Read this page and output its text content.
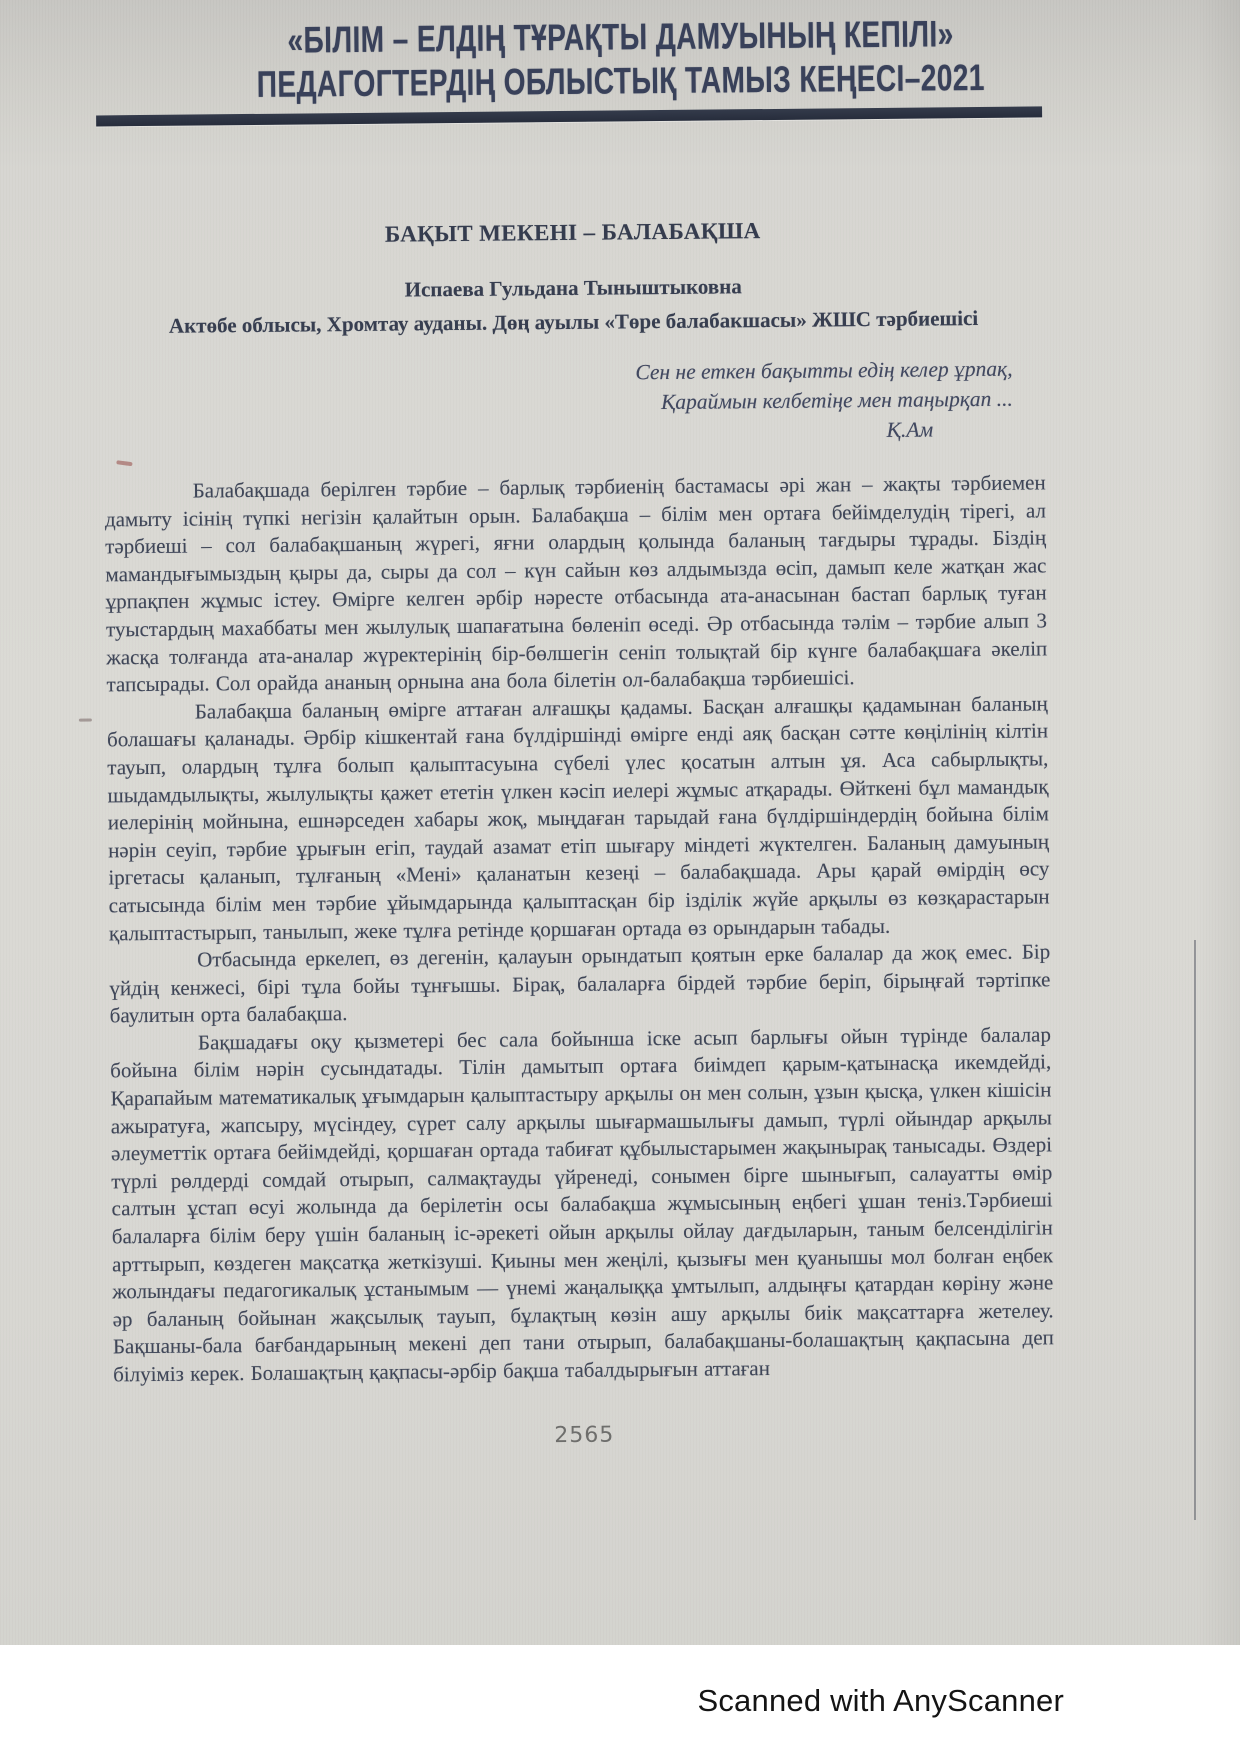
«БІЛІМ – ЕЛДІҢ ТҰРАҚТЫ ДАМУЫНЫҢ КЕПІЛІ»
ПЕДАГОГТЕРДІҢ ОБЛЫСТЫҚ ТАМЫЗ КЕҢЕСІ–2021
БАҚЫТ МЕКЕНІ – БАЛАБАҚША
Испаева Гульдана Тыныштыковна
Актөбе облысы, Хромтау ауданы. Дөң ауылы «Төре балабакшасы» ЖШС тәрбиешісі
Сен не еткен бақытты едің келер ұрпақ,
Қараймын келбетіңе мен таңырқап ...
Қ.Ам

Балабақшада берілген тәрбие – барлық тәрбиенің бастамасы әрі жан – жақты тәрбиемен дамыту ісінің түпкі негізін қалайтын орын. Балабақша – білім мен ортаға бейімделудің тірегі, ал тәрбиеші – сол балабақшаның жүрегі, яғни олардың қолында баланың тағдыры тұрады. Біздің мамандығымыздың қыры да, сыры да сол – күн сайын көз алдымызда өсіп, дамып келе жатқан жас ұрпақпен жұмыс істеу. Өмірге келген әрбір нәресте отбасында ата-анасынан бастап барлық туған туыстардың махаббаты мен жылулық шапағатына бөленіп өседі. Әр отбасында тәлім – тәрбие алып 3 жасқа толғанда ата-аналар жүректерінің бір-бөлшегін сеніп толықтай бір күнге балабақшаға әкеліп тапсырады. Сол орайда ананың орнына ана бола білетін ол-балабақша тәрбиешісі.

Балабақша баланың өмірге аттаған алғашқы қадамы. Басқан алғашқы қадамынан баланың болашағы қаланады. Әрбір кішкентай ғана бүлдіршінді өмірге енді аяқ басқан сәтте көңілінің кілтін тауып, олардың тұлға болып қалыптасуына сүбелі үлес қосатын алтын ұя. Аса сабырлықты, шыдамдылықты, жылулықты қажет ететін үлкен кәсіп иелері жұмыс атқарады. Өйткені бұл мамандық иелерінің мойнына, ешнәрседен хабары жоқ, мыңдаған тарыдай ғана бүлдіршіндердің бойына білім нәрін сеуіп, тәрбие ұрығын егіп, таудай азамат етіп шығару міндеті жүктелген. Баланың дамуының іргетасы қаланып, тұлғаның «Мені» қаланатын кезеңі – балабақшада. Ары қарай өмірдің өсу сатысында білім мен тәрбие ұйымдарында қалыптасқан бір ізділік жүйе арқылы өз көзқарастарын қалыптастырып, танылып, жеке тұлға ретінде қоршаған ортада өз орындарын табады.

Отбасында еркелеп, өз дегенін, қалауын орындатып қоятын ерке балалар да жоқ емес. Бір үйдің кенжесі, бірі тұла бойы тұнғышы. Бірақ, балаларға бірдей тәрбие беріп, бірыңғай тәртіпке баулитын орта балабақша.

Бақшадағы оқу қызметері бес сала бойынша іске асып барлығы ойын түрінде балалар бойына білім нәрін сусындатады. Тілін дамытып ортаға биімдеп қарым-қатынасқа икемдейді, Қарапайым математикалық ұғымдарын қалыптастыру арқылы он мен солын, ұзын қысқа, үлкен кішісін ажыратуға, жапсыру, мүсіндеу, сүрет салу арқылы шығармашылығы дамып, түрлі ойындар арқылы әлеуметтік ортаға бейімдейді, қоршаған ортада табиғат құбылыстарымен жақынырақ танысады. Өздері түрлі рөлдерді сомдай отырып, салмақтауды үйренеді, сонымен бірге шынығып, салауатты өмір салтын ұстап өсуі жолында да берілетін осы балабақша жұмысының еңбегі ұшан теніз.Тәрбиеші балаларға білім беру үшін баланың іс-әрекеті ойын арқылы ойлау дағдыларын, таным белсенділігін арттырып, көздеген мақсатқа жеткізуші. Қиыны мен жеңілі, қызығы мен қуанышы мол болған еңбек жолындағы педагогикалық ұстанымым — үнемі жаңалыққа ұмтылып, алдыңғы қатардан көріну және әр баланың бойынан жақсылық тауып, бұлақтың көзін ашу арқылы биік мақсаттарға жетелеу. Бақшаны-бала бағбандарының мекені деп тани отырып, балабақшаны-болашақтың қақпасына деп білуіміз керек. Болашақтың қақпасы-әрбір бақша табалдырығын аттаған

2565
Scanned with AnyScanner
